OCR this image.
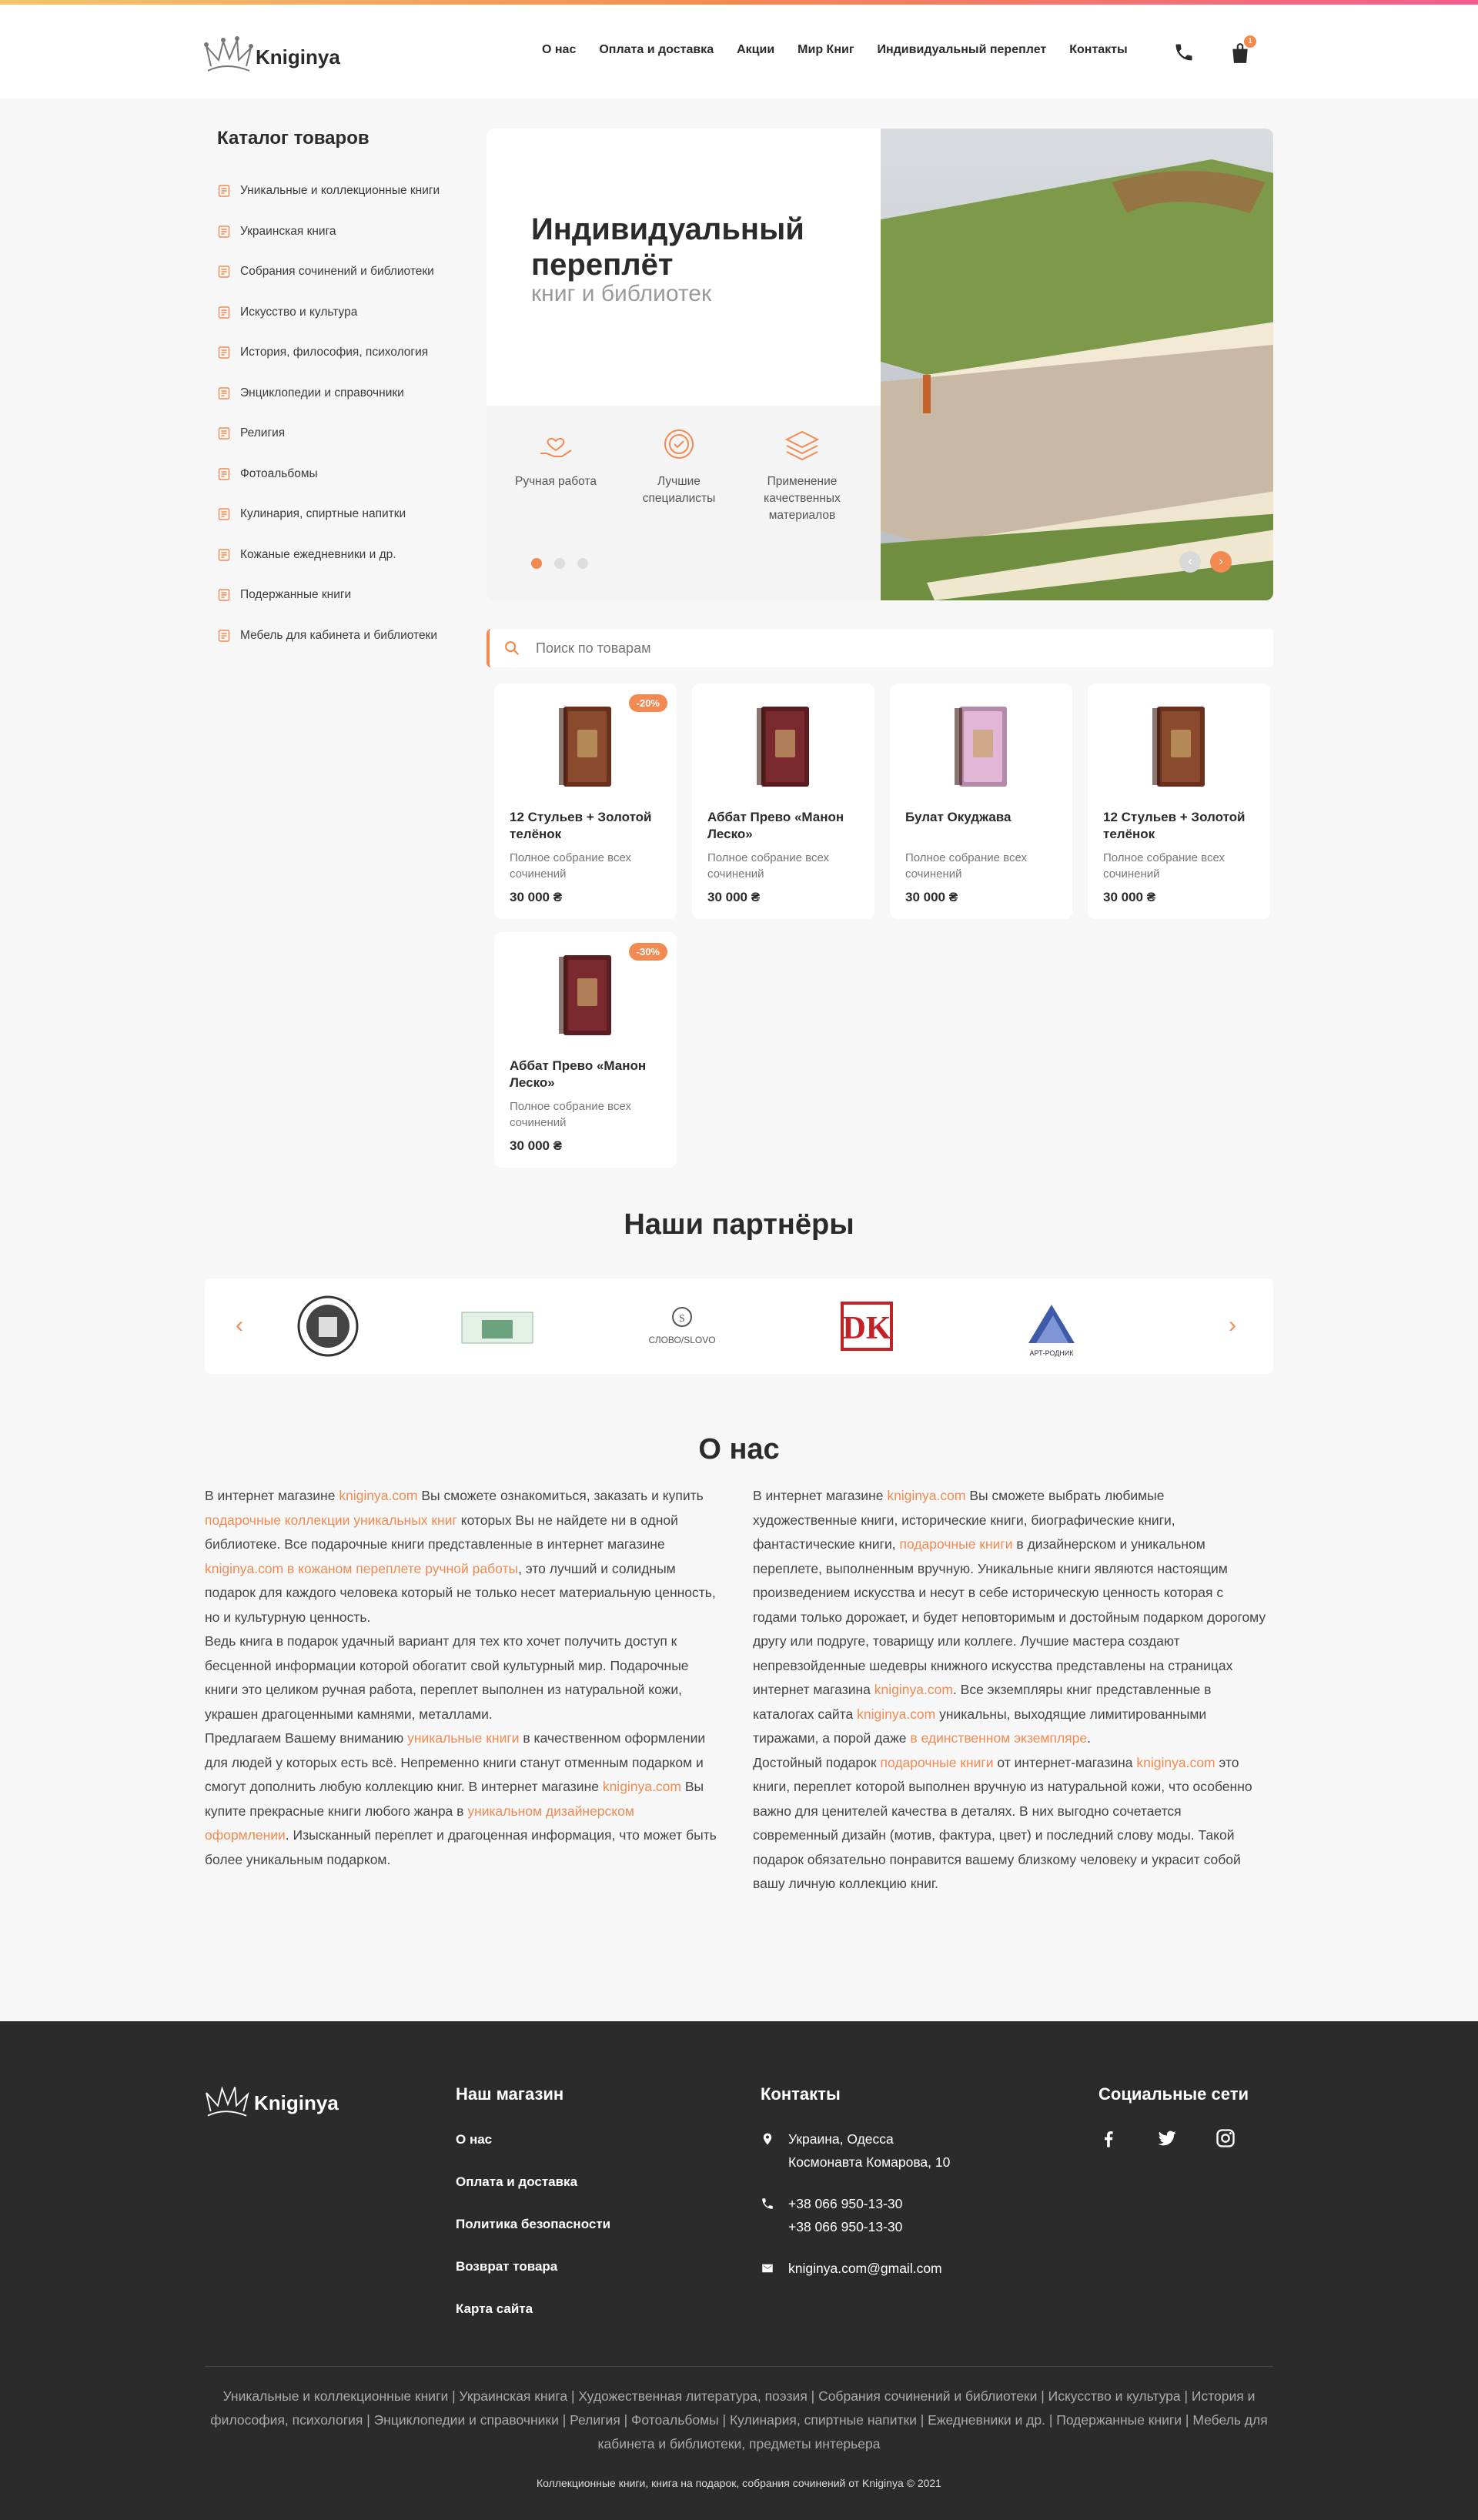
Kniginya	О нас Оплата и доставка Акции Мир Книг Индивидуальный переплет Контакты
1
Каталог товаров
Уникальные и коллекционные книги
Украинская книга
Собрания сочинений и библиотеки
Искусство и культура
История, философия, психология
Энциклопедии и справочники
Религия
Фотоальбомы
Кулинария, спиртные напитки
Кожаные ежедневники и др.
Подержанные книги
Мебель для кабинета и библиотеки
Индивидуальный переплёт
книг и библиотек
Ручная работа	Лучшие специалисты
Применение качественных материалов
‹	›
Поиск по товарам
-20%
12 Стульев + Золотой телёнок
Полное собрание всех сочинений
30 000 ₴
Аббат Прево «Манон Леско»
Полное собрание всех сочинений
30 000 ₴
Булат Окуджава
Полное собрание всех сочинений
30 000 ₴
12 Стульев + Золотой телёнок
Полное собрание всех сочинений
30 000 ₴
-30%
Аббат Прево «Манон Леско»
Полное собрание всех сочинений
30 000 ₴
Наши партнёры
‹	›
S
СЛОВО/SLOVO	DK
АРТ-РОДНИК
О нас
В интернет магазине kniginya.com Вы сможете ознакомиться, заказать и купить подарочные коллекции уникальных книг которых Вы не найдете ни в одной библиотеке. Все подарочные книги представленные в интернет магазине kniginya.com в кожаном переплете ручной работы, это лучший и солидным подарок для каждого человека который не только несет материальную ценность, но и культурную ценность.
Ведь книга в подарок удачный вариант для тех кто хочет получить доступ к бесценной информации которой обогатит свой культурный мир. Подарочные книги это целиком ручная работа, переплет выполнен из натуральной кожи, украшен драгоценными камнями, металлами.
Предлагаем Вашему вниманию уникальные книги в качественном оформлении для людей у которых есть всё. Непременно книги станут отменным подарком и смогут дополнить любую коллекцию книг. В интернет магазине kniginya.com Вы купите прекрасные книги любого жанра в уникальном дизайнерском оформлении. Изысканный переплет и драгоценная информация, что может быть более уникальным подарком.
В интернет магазине kniginya.com Вы сможете выбрать любимые художественные книги, исторические книги, биографические книги, фантастические книги, подарочные книги в дизайнерском и уникальном переплете, выполненным вручную. Уникальные книги являются настоящим произведением искусства и несут в себе историческую ценность которая с годами только дорожает, и будет неповторимым и достойным подарком дорогому другу или подруге, товарищу или коллеге. Лучшие мастера создают непревзойденные шедевры книжного искусства представлены на страницах интернет магазина kniginya.com. Все экземпляры книг представленные в каталогах сайта kniginya.com уникальны, выходящие лимитированными тиражами, а порой даже в единственном экземпляре.
Достойный подарок подарочные книги от интернет-магазина kniginya.com это книги, переплет которой выполнен вручную из натуральной кожи, что особенно важно для ценителей качества в деталях. В них выгодно сочетается современный дизайн (мотив, фактура, цвет) и последний слову моды. Такой подарок обязательно понравится вашему близкому человеку и украсит собой вашу личную коллекцию книг.
Kniginya	Наш магазин
О нас
Оплата и доставка
Политика безопасности
Возврат товара
Карта сайта
Контакты
Украина, Одесса
Космонавта Комарова, 10
+38 066 950-13-30
+38 066 950-13-30
kniginya.com@gmail.com
Социальные сети
Уникальные и коллекционные книги | Украинская книга | Художественная литература, поэзия | Собрания сочинений и библиотеки | Искусство и культура | История и философия, психология | Энциклопедии и справочники | Религия | Фотоальбомы | Кулинария, спиртные напитки | Ежедневники и др. | Подержанные книги | Мебель для кабинета и библиотеки, предметы интерьера
Коллекционные книги, книга на подарок, собрания сочинений от Kniginya © 2021
